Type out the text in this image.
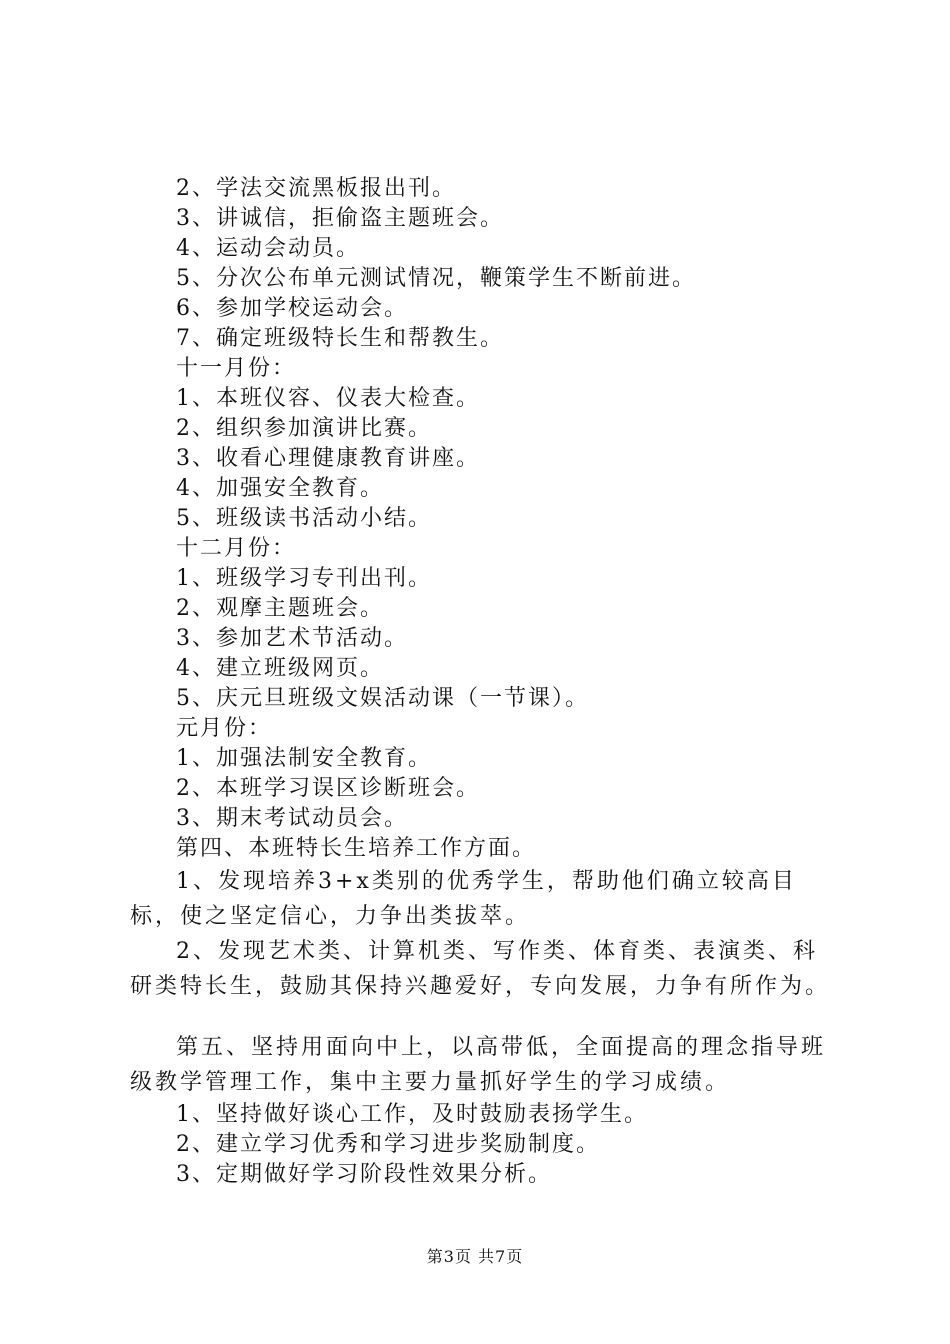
2、学法交流黑板报出刊。

3、讲诚信，拒偷盗主题班会。

4、运动会动员。

5、分次公布单元测试情况，鞭策学生不断前进。

6、参加学校运动会。

7、确定班级特长生和帮教生。

十一月份：

1、本班仪容、仪表大检查。

2、组织参加演讲比赛。

3、收看心理健康教育讲座。

4、加强安全教育。

5、班级读书活动小结。

十二月份：

1、班级学习专刊出刊。

2、观摩主题班会。

3、参加艺术节活动。

4、建立班级网页。

5、庆元旦班级文娱活动课（一节课）。

元月份：

1、加强法制安全教育。

2、本班学习误区诊断班会。

3、期末考试动员会。

第四、本班特长生培养工作方面。

1、发现培养3+x类别的优秀学生，帮助他们确立较高目标，使之坚定信心，力争出类拔萃。

2、发现艺术类、计算机类、写作类、体育类、表演类、科研类特长生，鼓励其保持兴趣爱好，专向发展，力争有所作为。

第五、坚持用面向中上，以高带低，全面提高的理念指导班级教学管理工作，集中主要力量抓好学生的学习成绩。

1、坚持做好谈心工作，及时鼓励表扬学生。

2、建立学习优秀和学习进步奖励制度。

3、定期做好学习阶段性效果分析。

第3页 共7页
